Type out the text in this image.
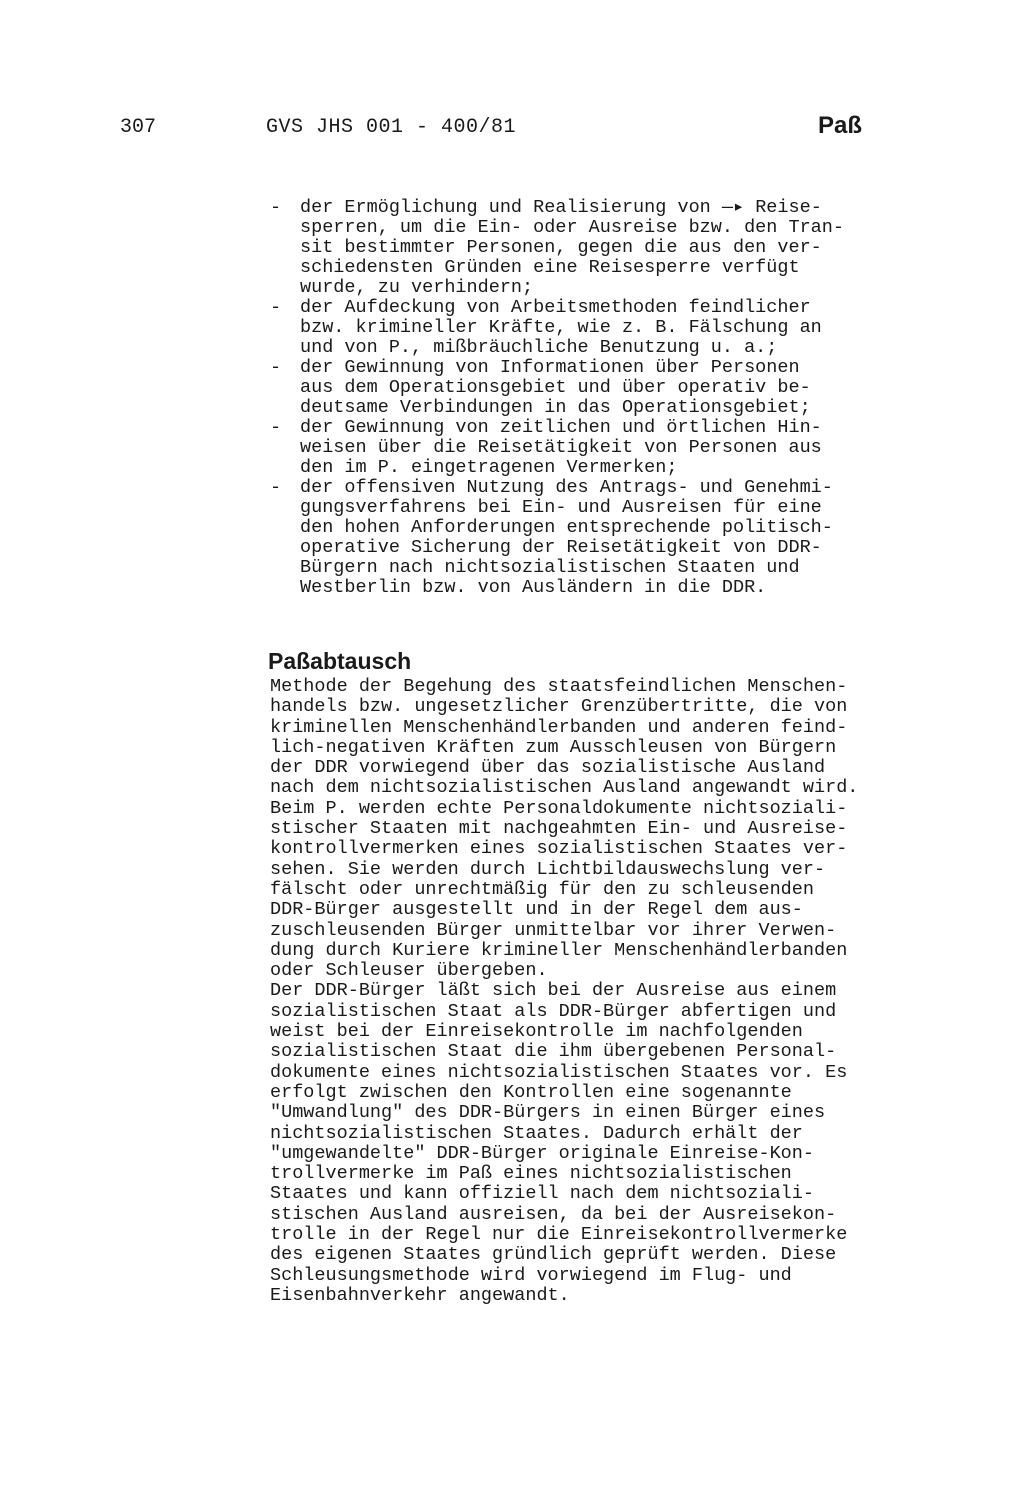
307	GVS JHS 001 - 400/81	Paß
- der Ermöglichung und Realisierung von —▸ Reise-
sperren, um die Ein- oder Ausreise bzw. den Tran-
sit bestimmter Personen, gegen die aus den ver-
schiedensten Gründen eine Reisesperre verfügt
wurde, zu verhindern;
- der Aufdeckung von Arbeitsmethoden feindlicher
bzw. krimineller Kräfte, wie z. B. Fälschung an
und von P., mißbräuchliche Benutzung u. a.;
- der Gewinnung von Informationen über Personen
aus dem Operationsgebiet und über operativ be-
deutsame Verbindungen in das Operationsgebiet;
- der Gewinnung von zeitlichen und örtlichen Hin-
weisen über die Reisetätigkeit von Personen aus
den im P. eingetragenen Vermerken;
- der offensiven Nutzung des Antrags- und Genehmi-
gungsverfahrens bei Ein- und Ausreisen für eine
den hohen Anforderungen entsprechende politisch-
operative Sicherung der Reisetätigkeit von DDR-
Bürgern nach nichtsozialistischen Staaten und
Westberlin bzw. von Ausländern in die DDR.
Paßabtausch
Methode der Begehung des staatsfeindlichen Menschen-
handels bzw. ungesetzlicher Grenzübertritte, die von
kriminellen Menschenhändlerbanden und anderen feind-
lich-negativen Kräften zum Ausschleusen von Bürgern
der DDR vorwiegend über das sozialistische Ausland
nach dem nichtsozialistischen Ausland angewandt wird.
Beim P. werden echte Personaldokumente nichtsoziali-
stischer Staaten mit nachgeahmten Ein- und Ausreise-
kontrollvermerken eines sozialistischen Staates ver-
sehen. Sie werden durch Lichtbildauswechslung ver-
fälscht oder unrechtmäßig für den zu schleusenden
DDR-Bürger ausgestellt und in der Regel dem aus-
zuschleusenden Bürger unmittelbar vor ihrer Verwen-
dung durch Kuriere krimineller Menschenhändlerbanden
oder Schleuser übergeben.
Der DDR-Bürger läßt sich bei der Ausreise aus einem
sozialistischen Staat als DDR-Bürger abfertigen und
weist bei der Einreisekontrolle im nachfolgenden
sozialistischen Staat die ihm übergebenen Personal-
dokumente eines nichtsozialistischen Staates vor. Es
erfolgt zwischen den Kontrollen eine sogenannte
"Umwandlung" des DDR-Bürgers in einen Bürger eines
nichtsozialistischen Staates. Dadurch erhält der
"umgewandelte" DDR-Bürger originale Einreise-Kon-
trollvermerke im Paß eines nichtsozialistischen
Staates und kann offiziell nach dem nichtsoziali-
stischen Ausland ausreisen, da bei der Ausreisekon-
trolle in der Regel nur die Einreisekontrollvermerke
des eigenen Staates gründlich geprüft werden. Diese
Schleusungsmethode wird vorwiegend im Flug- und
Eisenbahnverkehr angewandt.
